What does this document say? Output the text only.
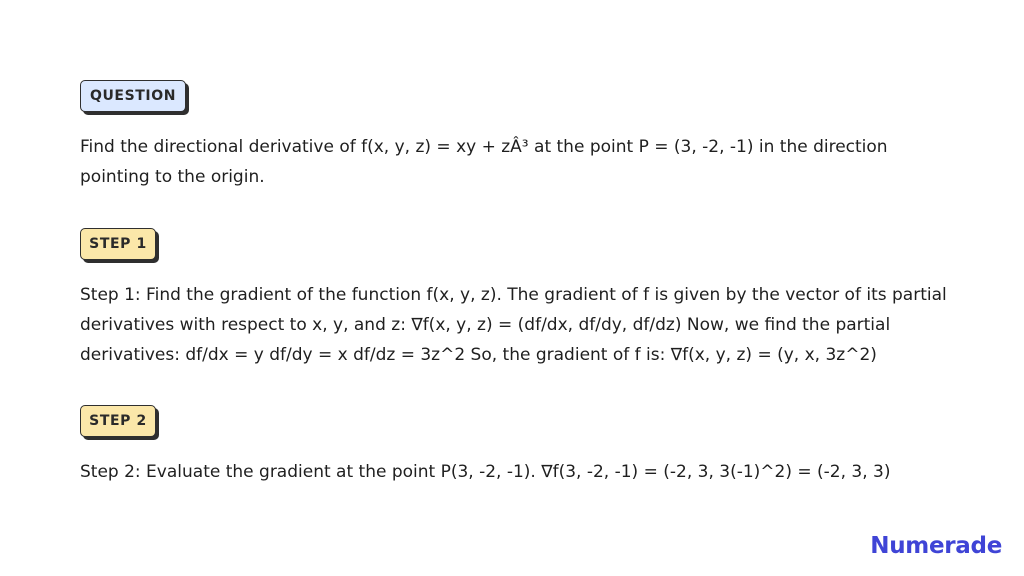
QUESTION
Find the directional derivative of f(x, y, z) = xy + zÂ³ at the point P = (3, -2, -1) in the direction pointing to the origin.
STEP 1
Step 1: Find the gradient of the function f(x, y, z). The gradient of f is given by the vector of its partial derivatives with respect to x, y, and z: ∇f(x, y, z) = (df/dx, df/dy, df/dz) Now, we find the partial derivatives: df/dx = y df/dy = x df/dz = 3z^2 So, the gradient of f is: ∇f(x, y, z) = (y, x, 3z^2)
STEP 2
Step 2: Evaluate the gradient at the point P(3, -2, -1). ∇f(3, -2, -1) = (-2, 3, 3(-1)^2) = (-2, 3, 3)
Numerade
